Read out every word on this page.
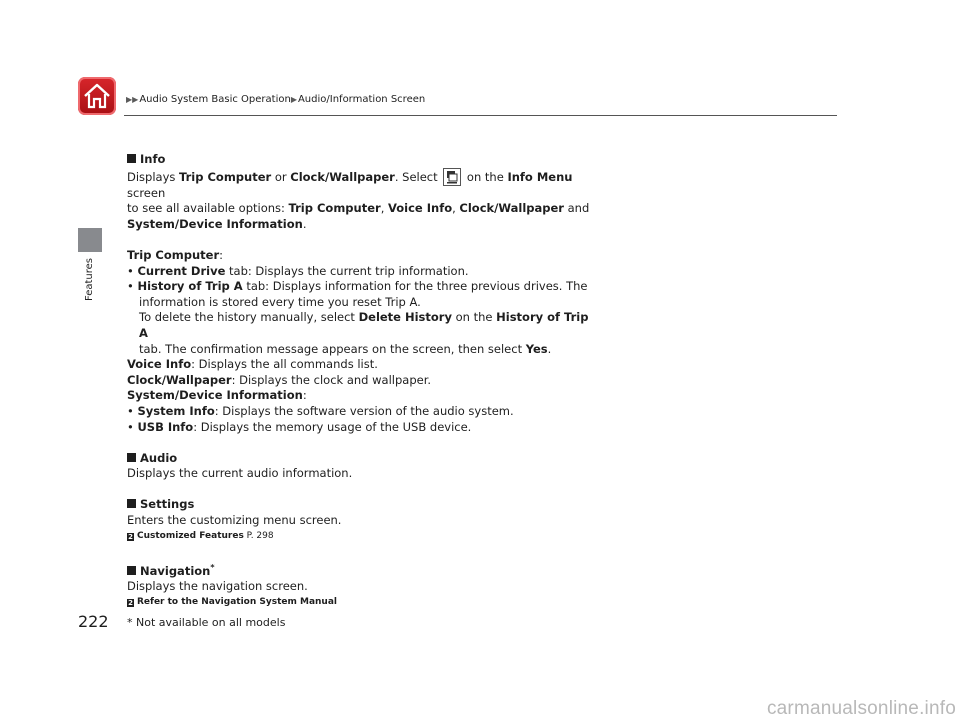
▶▶Audio System Basic Operation▶Audio/Information Screen
Features

Info

Displays Trip Computer or Clock/Wallpaper. Select  on the Info Menu screen
to see all available options: Trip Computer, Voice Info, Clock/Wallpaper and
System/Device Information.

Trip Computer:

• Current Drive tab: Displays the current trip information.

• History of Trip A tab: Displays information for the three previous drives. The

information is stored every time you reset Trip A.
To delete the history manually, select Delete History on the History of Trip A
tab. The confirmation message appears on the screen, then select Yes.

Voice Info: Displays the all commands list.

Clock/Wallpaper: Displays the clock and wallpaper.

System/Device Information:

• System Info: Displays the software version of the audio system.

• USB Info: Displays the memory usage of the USB device.

Audio

Displays the current audio information.

Settings

Enters the customizing menu screen.

2 Customized Features P. 298

Navigation*

Displays the navigation screen.

2 Refer to the Navigation System Manual

222 * Not available on all models
carmanualsonline.info
